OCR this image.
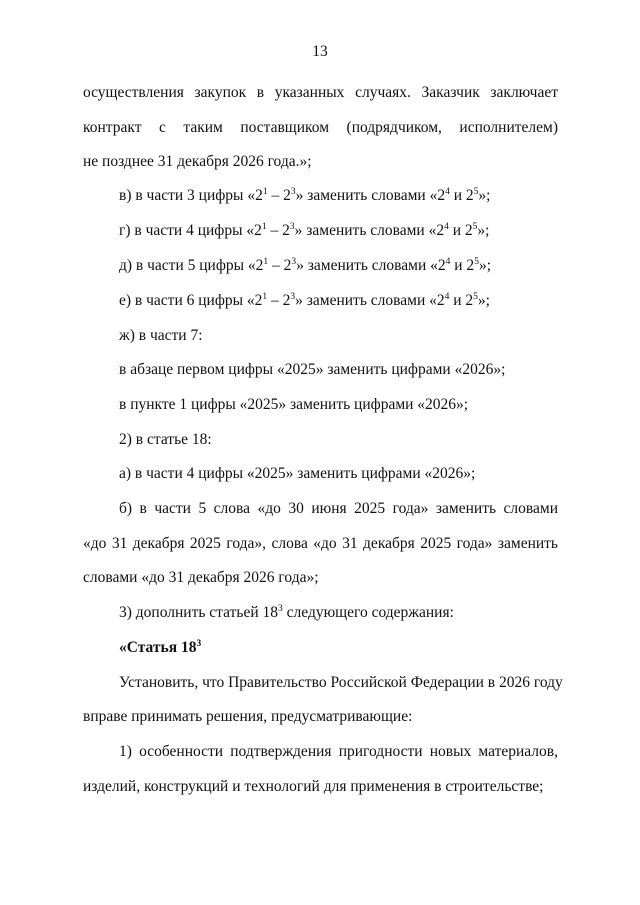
13
осуществления закупок в указанных случаях. Заказчик заключает
контракт с таким поставщиком (подрядчиком, исполнителем)
не позднее 31 декабря 2026 года.»;
в) в части 3 цифры «$2^1 - 2^3$» заменить словами «$2^4$ и $2^5$»;
г) в части 4 цифры «$2^1 - 2^3$» заменить словами «$2^4$ и $2^5$»;
д) в части 5 цифры «$2^1 - 2^3$» заменить словами «$2^4$ и $2^5$»;
е) в части 6 цифры «$2^1 - 2^3$» заменить словами «$2^4$ и $2^5$»;
ж) в части 7:
в абзаце первом цифры «2025» заменить цифрами «2026»;
в пункте 1 цифры «2025» заменить цифрами «2026»;
2) в статье 18:
а) в части 4 цифры «2025» заменить цифрами «2026»;
б) в части 5 слова «до 30 июня 2025 года» заменить словами
«до 31 декабря 2025 года», слова «до 31 декабря 2025 года» заменить
словами «до 31 декабря 2026 года»;
3) дополнить статьей $18^3$ следующего содержания:
«Статья $18^3$
Установить, что Правительство Российской Федерации в 2026 году
вправе принимать решения, предусматривающие:
1) особенности подтверждения пригодности новых материалов,
изделий, конструкций и технологий для применения в строительстве;
